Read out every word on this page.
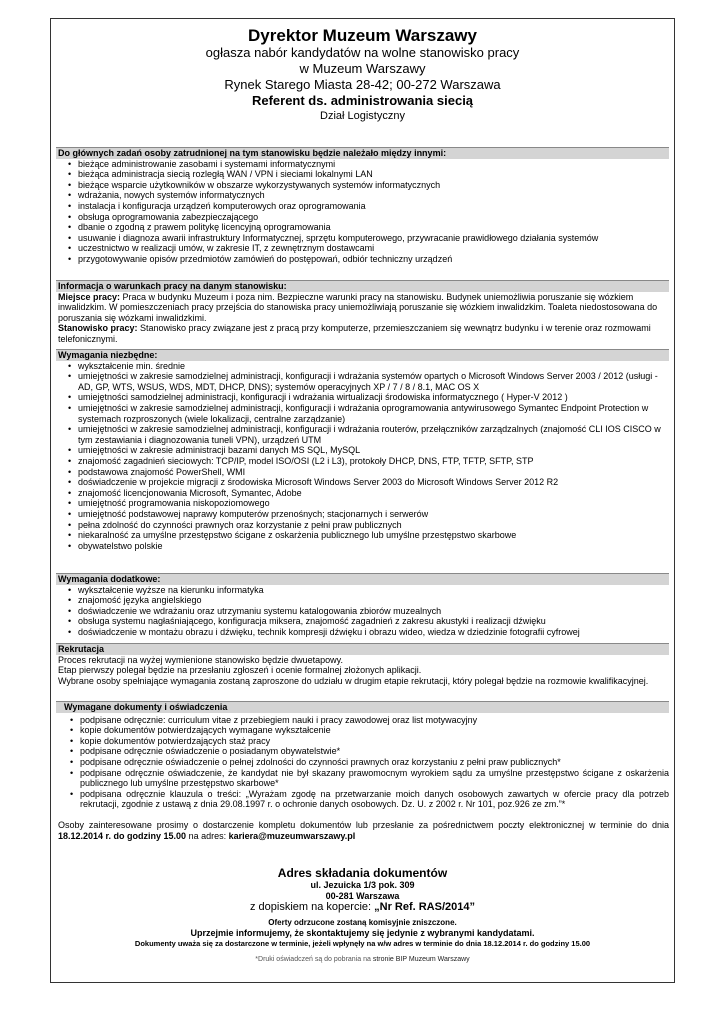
Dyrektor Muzeum Warszawy
ogłasza nabór kandydatów na wolne stanowisko pracy
w Muzeum Warszawy
Rynek Starego Miasta 28-42; 00-272 Warszawa
Referent ds. administrowania siecią
Dział Logistyczny
Do głównych zadań osoby zatrudnionej na tym stanowisku będzie należało między innymi:
• bieżące administrowanie zasobami i systemami informatycznymi
• bieżąca administracja siecią rozległą WAN / VPN i sieciami lokalnymi LAN
• bieżące wsparcie użytkowników w obszarze wykorzystywanych systemów informatycznych
• wdrażania, nowych systemów informatycznych
• instalacja i konfiguracja urządzeń komputerowych oraz oprogramowania
• obsługa oprogramowania zabezpieczającego
• dbanie o zgodną z prawem politykę licencyjną oprogramowania
• usuwanie i diagnoza awarii infrastruktury Informatycznej, sprzętu komputerowego, przywracanie prawidłowego działania systemów
• uczestnictwo w realizacji umów, w zakresie IT, z zewnętrznym dostawcami
• przygotowywanie opisów przedmiotów zamówień do postępowań, odbiór techniczny urządzeń
Informacja o warunkach pracy na danym stanowisku:

Miejsce pracy: Praca w budynku Muzeum i poza nim. Bezpieczne warunki pracy na stanowisku. Budynek uniemożliwia poruszanie się wózkiem inwalidzkim. W pomieszczeniach pracy przejścia do stanowiska pracy uniemożliwiają poruszanie się wózkiem inwalidzkim. Toaleta niedostosowana do poruszania się wózkami inwalidzkimi.

Stanowisko pracy: Stanowisko pracy związane jest z pracą przy komputerze, przemieszczaniem się wewnątrz budynku i w terenie oraz rozmowami telefonicznymi.

Wymagania niezbędne:
• wykształcenie min. średnie
• umiejętności w zakresie samodzielnej administracji, konfiguracji i wdrażania systemów opartych o Microsoft Windows Server 2003 / 2012 (usługi - AD, GP, WTS, WSUS, WDS, MDT, DHCP, DNS); systemów operacyjnych XP / 7 / 8 / 8.1, MAC OS X
• umiejętności samodzielnej administracji, konfiguracji i wdrażania wirtualizacji środowiska informatycznego ( Hyper-V 2012 )
• umiejętności w zakresie samodzielnej administracji, konfiguracji i wdrażania oprogramowania antywirusowego Symantec Endpoint Protection w systemach rozproszonych (wiele lokalizacji, centralne zarządzanie)
• umiejętności w zakresie samodzielnej administracji, konfiguracji i wdrażania routerów, przełączników zarządzalnych (znajomość CLI IOS CISCO w tym zestawiania i diagnozowania tuneli VPN), urządzeń UTM
• umiejętności w zakresie administracji bazami danych MS SQL, MySQL
• znajomość zagadnień sieciowych: TCP/IP, model ISO/OSI (L2 i L3), protokoły DHCP, DNS, FTP, TFTP, SFTP, STP
• podstawowa znajomość PowerShell, WMI
• doświadczenie w projekcie migracji z środowiska Microsoft Windows Server 2003 do Microsoft Windows Server 2012 R2
• znajomość licencjonowania Microsoft, Symantec, Adobe
• umiejętność programowania niskopoziomowego
• umiejętność podstawowej naprawy komputerów przenośnych; stacjonarnych i serwerów
• pełna zdolność do czynności prawnych oraz korzystanie z pełni praw publicznych
• niekaralność za umyślne przestępstwo ścigane z oskarżenia publicznego lub umyślne przestępstwo skarbowe
• obywatelstwo polskie
Wymagania dodatkowe:
• wykształcenie wyższe na kierunku informatyka
• znajomość języka angielskiego
• doświadczenie we wdrażaniu oraz utrzymaniu systemu katalogowania zbiorów muzealnych
• obsługa systemu nagłaśniającego, konfiguracja miksera, znajomość zagadnień z zakresu akustyki i realizacji dźwięku
• doświadczenie w montażu obrazu i dźwięku, technik kompresji dźwięku i obrazu wideo, wiedza w dziedzinie fotografii cyfrowej
Rekrutacja

Proces rekrutacji na wyżej wymienione stanowisko będzie dwuetapowy.

Etap pierwszy polegał będzie na przesłaniu zgłoszeń i ocenie formalnej złożonych aplikacji.

Wybrane osoby spełniające wymagania zostaną zaproszone do udziału w drugim etapie rekrutacji, który polegał będzie na rozmowie kwalifikacyjnej.

Wymagane dokumenty i oświadczenia
• podpisane odręcznie: curriculum vitae z przebiegiem nauki i pracy zawodowej oraz list motywacyjny
• kopie dokumentów potwierdzających wymagane wykształcenie
• kopie dokumentów potwierdzających staż pracy
• podpisane odręcznie oświadczenie o posiadanym obywatelstwie*
• podpisane odręcznie oświadczenie o pełnej zdolności do czynności prawnych oraz korzystaniu z pełni praw publicznych*
• podpisane odręcznie oświadczenie, że kandydat nie był skazany prawomocnym wyrokiem sądu za umyślne przestępstwo ścigane z oskarżenia publicznego lub umyślne przestępstwo skarbowe*
• podpisana odręcznie klauzula o treści: „Wyrażam zgodę na przetwarzanie moich danych osobowych zawartych w ofercie pracy dla potrzeb rekrutacji, zgodnie z ustawą z dnia 29.08.1997 r. o ochronie danych osobowych. Dz. U. z 2002 r. Nr 101, poz.926 ze zm.”*

Osoby zainteresowane prosimy o dostarczenie kompletu dokumentów lub przesłanie za pośrednictwem poczty elektronicznej w terminie do dnia 18.12.2014 r. do godziny 15.00 na adres: kariera@muzeumwarszawy.pl

Adres składania dokumentów
ul. Jezuicka 1/3 pok. 309
00-281 Warszawa
z dopiskiem na kopercie: „Nr Ref. RAS/2014”
Oferty odrzucone zostaną komisyjnie zniszczone.
Uprzejmie informujemy, że skontaktujemy się jedynie z wybranymi kandydatami.
Dokumenty uważa się za dostarczone w terminie, jeżeli wpłynęły na w/w adres w terminie do dnia 18.12.2014 r. do godziny 15.00
*Druki oświadczeń są do pobrania na stronie BIP Muzeum Warszawy
